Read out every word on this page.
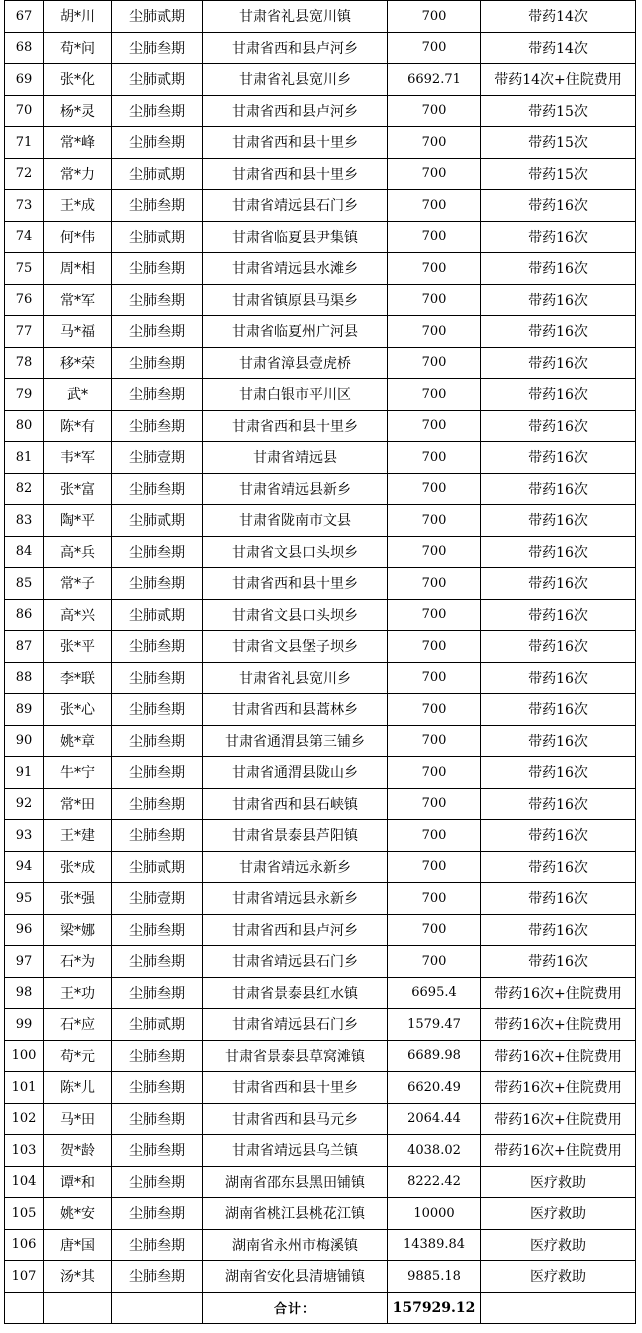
67	胡*川	尘肺贰期	甘肃省礼县宽川镇	700	带药14次
68	苟*问	尘肺叁期	甘肃省西和县卢河乡	700	带药14次
69	张*化	尘肺贰期	甘肃省礼县宽川乡	6692.71	带药14次+住院费用
70	杨*灵	尘肺叁期	甘肃省西和县卢河乡	700	带药15次
71	常*峰	尘肺叁期	甘肃省西和县十里乡	700	带药15次
72	常*力	尘肺贰期	甘肃省西和县十里乡	700	带药15次
73	王*成	尘肺叁期	甘肃省靖远县石门乡	700	带药16次
74	何*伟	尘肺贰期	甘肃省临夏县尹集镇	700	带药16次
75	周*相	尘肺叁期	甘肃省靖远县水滩乡	700	带药16次
76	常*军	尘肺叁期	甘肃省镇原县马渠乡	700	带药16次
77	马*福	尘肺叁期	甘肃省临夏州广河县	700	带药16次
78	移*荣	尘肺叁期	甘肃省漳县壹虎桥	700	带药16次
79	武*	尘肺叁期	甘肃白银市平川区	700	带药16次
80	陈*有	尘肺叁期	甘肃省西和县十里乡	700	带药16次
81	韦*军	尘肺壹期	甘肃省靖远县	700	带药16次
82	张*富	尘肺叁期	甘肃省靖远县新乡	700	带药16次
83	陶*平	尘肺贰期	甘肃省陇南市文县	700	带药16次
84	高*兵	尘肺叁期	甘肃省文县口头坝乡	700	带药16次
85	常*子	尘肺叁期	甘肃省西和县十里乡	700	带药16次
86	高*兴	尘肺贰期	甘肃省文县口头坝乡	700	带药16次
87	张*平	尘肺叁期	甘肃省文县堡子坝乡	700	带药16次
88	李*联	尘肺叁期	甘肃省礼县宽川乡	700	带药16次
89	张*心	尘肺叁期	甘肃省西和县蒿林乡	700	带药16次
90	姚*章	尘肺叁期	甘肃省通渭县第三铺乡	700	带药16次
91	牛*宁	尘肺叁期	甘肃省通渭县陇山乡	700	带药16次
92	常*田	尘肺叁期	甘肃省西和县石峡镇	700	带药16次
93	王*建	尘肺叁期	甘肃省景泰县芦阳镇	700	带药16次
94	张*成	尘肺贰期	甘肃省靖远永新乡	700	带药16次
95	张*强	尘肺壹期	甘肃省靖远县永新乡	700	带药16次
96	梁*娜	尘肺叁期	甘肃省西和县卢河乡	700	带药16次
97	石*为	尘肺叁期	甘肃省靖远县石门乡	700	带药16次
98	王*功	尘肺叁期	甘肃省景泰县红水镇	6695.4	带药16次+住院费用
99	石*应	尘肺贰期	甘肃省靖远县石门乡	1579.47	带药16次+住院费用
100	苟*元	尘肺叁期	甘肃省景泰县草窝滩镇	6689.98	带药16次+住院费用
101	陈*儿	尘肺叁期	甘肃省西和县十里乡	6620.49	带药16次+住院费用
102	马*田	尘肺叁期	甘肃省西和县马元乡	2064.44	带药16次+住院费用
103	贺*龄	尘肺叁期	甘肃省靖远县乌兰镇	4038.02	带药16次+住院费用
104	谭*和	尘肺叁期	湖南省邵东县黑田铺镇	8222.42	医疗救助
105	姚*安	尘肺叁期	湖南省桃江县桃花江镇	10000	医疗救助
106	唐*国	尘肺叁期	湖南省永州市梅溪镇	14389.84	医疗救助
107	汤*其	尘肺叁期	湖南省安化县清塘铺镇	9885.18	医疗救助
			合计：	157929.12	
